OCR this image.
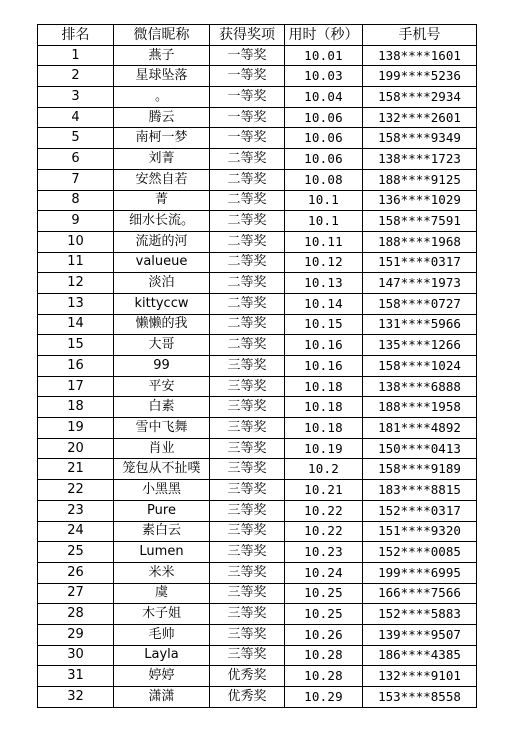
排名	微信昵称	获得奖项	用时（秒）	手机号
1	燕子	一等奖	10.01	138****1601
2	星球坠落	一等奖	10.03	199****5236
3	。	一等奖	10.04	158****2934
4	腾云	一等奖	10.06	132****2601
5	南柯一梦	一等奖	10.06	158****9349
6	刘菁	二等奖	10.06	138****1723
7	安然自若	二等奖	10.08	188****9125
8	菁	二等奖	10.1	136****1029
9	细水长流。	二等奖	10.1	158****7591
10	流逝的河	二等奖	10.11	188****1968
11	valueue	二等奖	10.12	151****0317
12	淡泊	二等奖	10.13	147****1973
13	kittyccw	二等奖	10.14	158****0727
14	懒懒的我	二等奖	10.15	131****5966
15	大哥	二等奖	10.16	135****1266
16	99	三等奖	10.16	158****1024
17	平安	三等奖	10.18	138****6888
18	白素	三等奖	10.18	188****1958
19	雪中飞舞	三等奖	10.18	181****4892
20	肖业	三等奖	10.19	150****0413
21	笼包从不扯噗	三等奖	10.2	158****9189
22	小黑黑	三等奖	10.21	183****8815
23	Pure	三等奖	10.22	152****0317
24	素白云	三等奖	10.22	151****9320
25	Lumen	三等奖	10.23	152****0085
26	米米	三等奖	10.24	199****6995
27	虞	三等奖	10.25	166****7566
28	木子姐	三等奖	10.25	152****5883
29	毛帅	三等奖	10.26	139****9507
30	Layla	三等奖	10.28	186****4385
31	婷婷	优秀奖	10.28	132****9101
32	潇潇	优秀奖	10.29	153****8558
